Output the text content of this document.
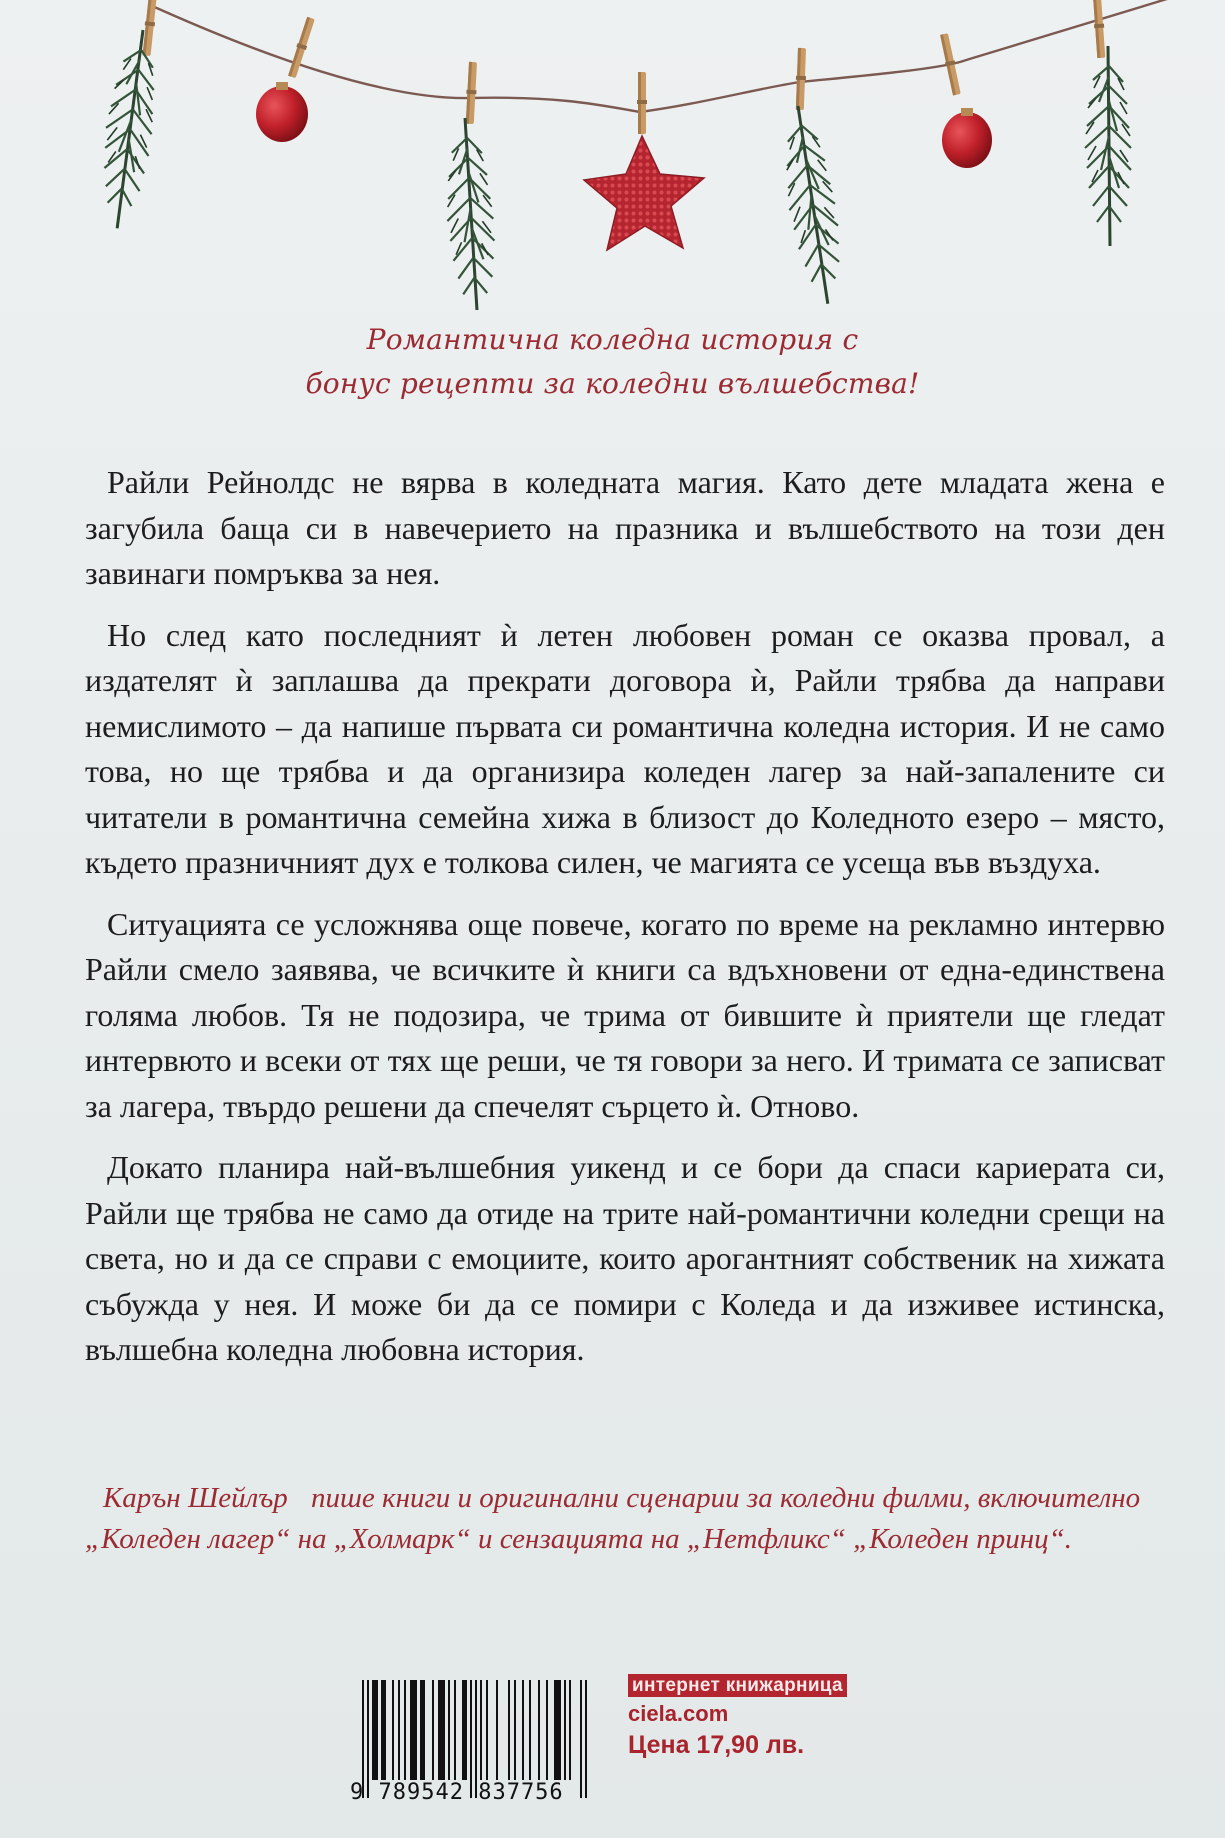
Романтична коледна история с
бонус рецепти за коледни вълшебства!

Райли Рейнолдс не вярва в коледната магия. Като дете младата жена е загубила баща си в навечерието на празника и вълшебството на този ден завинаги помръква за нея.

Но след като последният ѝ летен любовен роман се оказва провал, а издателят ѝ заплашва да прекрати договора ѝ, Райли трябва да направи немислимото – да напише първата си романтична коледна история. И не само това, но ще трябва и да организира коледен лагер за най-запалените си читатели в романтична семейна хижа в близост до Коледното езеро – място, където празничният дух е толкова силен, че магията се усеща във въздуха.

Ситуацията се усложнява още повече, когато по време на рекламно интервю Райли смело заявява, че всичките ѝ книги са вдъхновени от една-единствена голяма любов. Тя не подозира, че трима от бившите ѝ приятели ще гледат интервюто и всеки от тях ще реши, че тя говори за него. И тримата се записват за лагера, твърдо решени да спечелят сърцето ѝ. Отново.

Докато планира най-вълшебния уикенд и се бори да спаси кариерата си, Райли ще трябва не само да отиде на трите най-романтични коледни срещи на света, но и да се справи с емоциите, които арогантният собственик на хижата събужда у нея. И може би да се помири с Коледа и да изживее истинска, вълшебна коледна любовна история.

Карън Шейлър пише книги и оригинални сценарии за коледни филми, включително „Коледен лагер“ на „Холмарк“ и сензацията на „Нетфликс“ „Коледен принц“.
9 789542 837756
интернет книжарница
ciela.com
Цена 17,90 лв.
